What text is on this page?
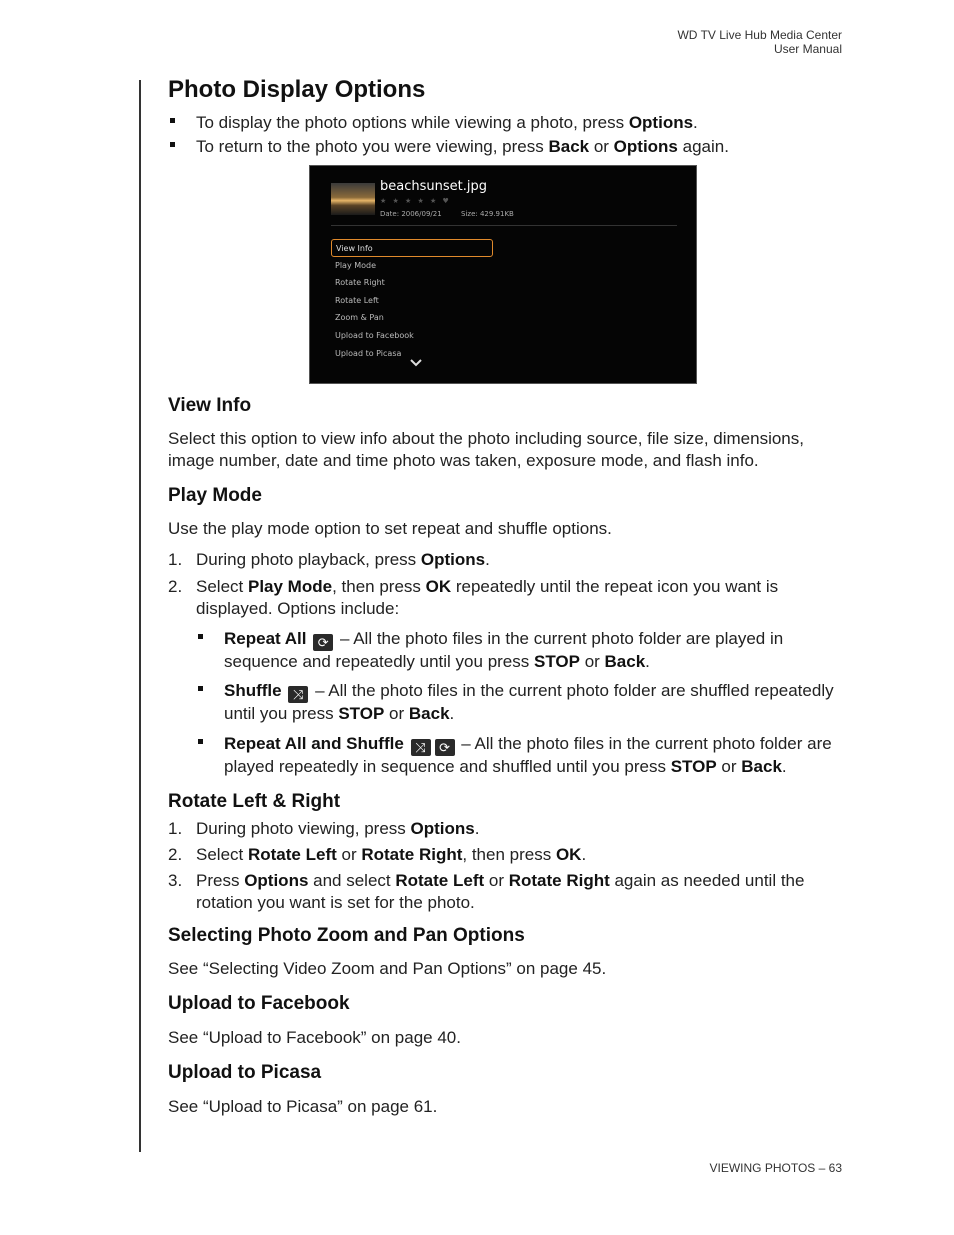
WD TV Live Hub Media Center
User Manual
Photo Display Options
To display the photo options while viewing a photo, press Options.
To return to the photo you were viewing, press Back or Options again.
beachsunset.jpg
★ ★ ★ ★ ★ ♥
Date: 2006/09/21	Size: 429.91KB
View Info
Play Mode
Rotate Right
Rotate Left
Zoom & Pan
Upload to Facebook
Upload to Picasa
View Info

Select this option to view info about the photo including source, file size, dimensions, image number, date and time photo was taken, exposure mode, and flash info.

Play Mode

Use the play mode option to set repeat and shuffle options.

1. During photo playback, press Options.
2. Select Play Mode, then press OK repeatedly until the repeat icon you want is displayed. Options include:
Repeat All ⟳ – All the photo files in the current photo folder are played in sequence and repeatedly until you press STOP or Back.
Shuffle ⤨ – All the photo files in the current photo folder are shuffled repeatedly until you press STOP or Back.
Repeat All and Shuffle ⤨ ⟳ – All the photo files in the current photo folder are played repeatedly in sequence and shuffled until you press STOP or Back.
Rotate Left & Right
1. During photo viewing, press Options.
2. Select Rotate Left or Rotate Right, then press OK.
3. Press Options and select Rotate Left or Rotate Right again as needed until the rotation you want is set for the photo.
Selecting Photo Zoom and Pan Options

See “Selecting Video Zoom and Pan Options” on page 45.

Upload to Facebook

See “Upload to Facebook” on page 40.

Upload to Picasa

See “Upload to Picasa” on page 61.

VIEWING PHOTOS – 63
